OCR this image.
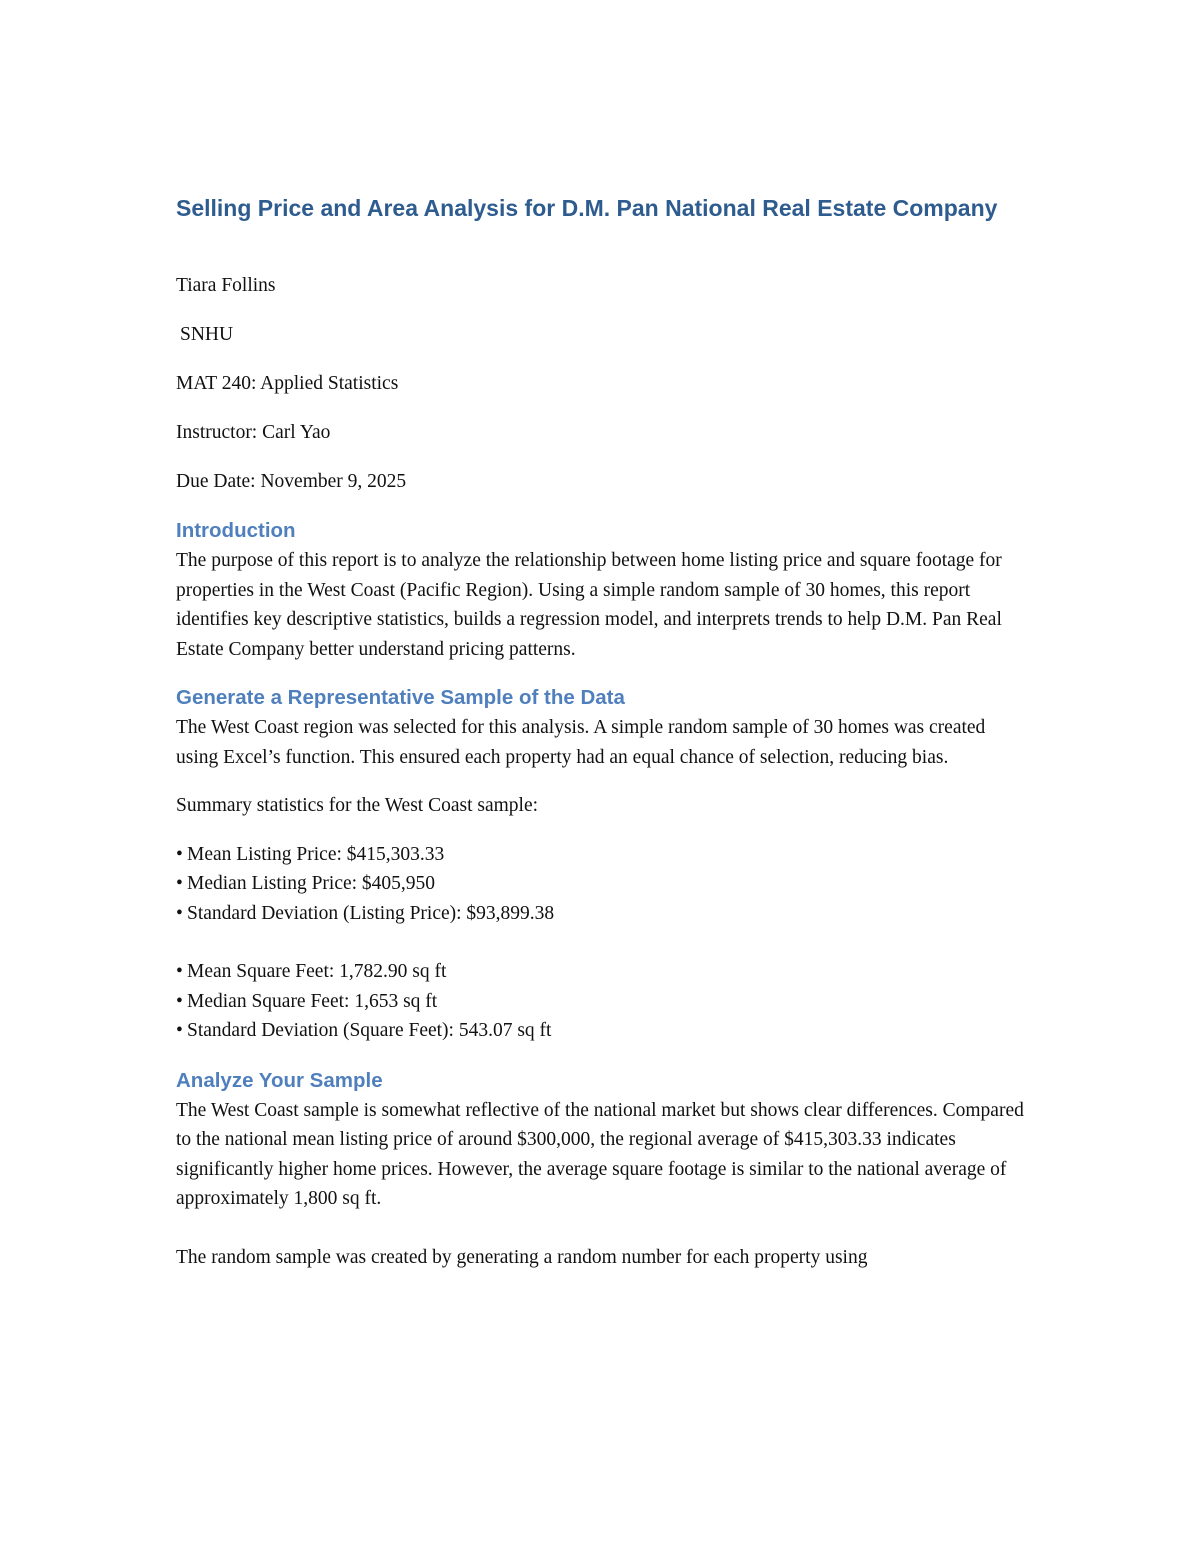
Selling Price and Area Analysis for D.M. Pan National Real Estate Company
Tiara Follins
SNHU
MAT 240: Applied Statistics
Instructor: Carl Yao
Due Date: November 9, 2025
Introduction

The purpose of this report is to analyze the relationship between home listing price and square footage for properties in the West Coast (Pacific Region). Using a simple random sample of 30 homes, this report identifies key descriptive statistics, builds a regression model, and interprets trends to help D.M. Pan Real Estate Company better understand pricing patterns.

Generate a Representative Sample of the Data

The West Coast region was selected for this analysis. A simple random sample of 30 homes was created using Excel’s function. This ensured each property had an equal chance of selection, reducing bias.

Summary statistics for the West Coast sample:

• Mean Listing Price: $415,303.33
• Median Listing Price: $405,950
• Standard Deviation (Listing Price): $93,899.38
• Mean Square Feet: 1,782.90 sq ft
• Median Square Feet: 1,653 sq ft
• Standard Deviation (Square Feet): 543.07 sq ft
Analyze Your Sample

The West Coast sample is somewhat reflective of the national market but shows clear differences. Compared to the national mean listing price of around $300,000, the regional average of $415,303.33 indicates significantly higher home prices. However, the average square footage is similar to the national average of approximately 1,800 sq ft.

The random sample was created by generating a random number for each property using
